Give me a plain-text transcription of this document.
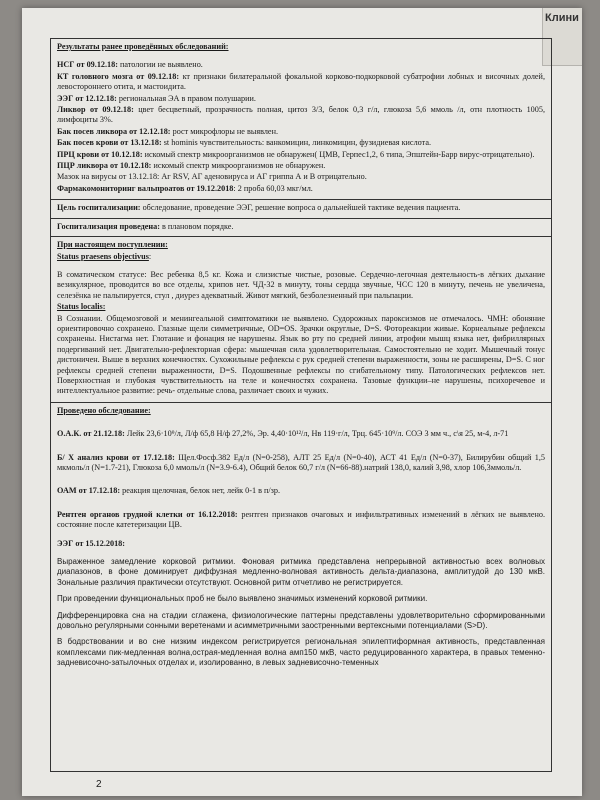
Клини
Результаты ранее проведённых обследований:
НСГ от 09.12.18: патологии не выявлено.
КТ головного мозга от 09.12.18: кт признаки билатеральной фокальной корково-подкорковой субатрофии лобных и височных долей, левостороннего отита, и мастоидита.
ЭЭГ от 12.12.18: региональная ЭА в правом полушарии.
Ликвор от 09.12.18: цвет бесцветный, прозрачность полная, цитоз 3/3, белок 0,3 г/л, глюкоза 5,6 ммоль /л, отн плотность 1005, лимфоциты 3%.
Бак посев ликвора от 12.12.18: рост микрофлоры не выявлен.
Бак посев крови от 13.12.18: st hominis чувствительность: ванкомицин, линкомицин, фузидиевая кислота.
ПРЦ крови от 10.12.18: искомый спектр микроорганизмов не обнаружен( ЦМВ, Герпес1,2, 6 типа, Эпштейн-Барр вирус-отрицательно).
ПЦР ликвора от 10.12.18: искомый спектр микроорганизмов не обнаружен.
Мазок на вирусы от 13.12.18: Аг RSV, АГ аденовируса и АГ гриппа А и В отрицательно.
Фармакомониторинг вальпроатов от 19.12.2018: 2 проба 60,03 мкг/мл.
Цель госпитализации: обследование, проведение ЭЭГ, решение вопроса о дальнейшей тактике ведения пациента.
Госпитализация проведена: в плановом порядке.
При настоящем поступлении:
Status praesens objectivus:
В соматическом статусе: Вес ребенка 8,5 кг. Кожа и слизистые чистые, розовые. Сердечно-легочная деятельность-в лёгких дыхание везикулярное, проводится во все отделы, хрипов нет. ЧД-32 в минуту, тоны сердца звучные, ЧСС 120 в минуту, печень не увеличена, селезёнка не пальпируется, стул , диурез адекватный. Живот мягкий, безболезненный при пальпации.
Status localis:
В Сознании. Общемозговой и менингеальной симптоматики не выявлено. Судорожных пароксизмов не отмечалось. ЧМН: обоняние ориентировочно сохранено. Глазные щели симметричные, OD=OS. Зрачки округлые, D=S. Фотореакции живые. Корнеальные рефлексы сохранены. Нистагма нет. Глотание и фонация не нарушены. Язык во рту по средней линии, атрофии мышц языка нет, фибриллярных подергиваний нет. Двигательно-рефлекторная сфера: мышечная сила удовлетворительная. Самостоятельно не ходит. Мышечный тонус дистоничен. Выше в верхних конечностях. Сухожильные рефлексы с рук средней степени выраженности, зоны не расширены, D=S. С ног рефлексы средней степени выраженности, D=S. Подошвенные рефлексы по сгибательному типу. Патологических рефлексов нет. Поверхностная и глубокая чувствительность на теле и конечностях сохранена. Тазовые функции–не нарушены, психоречевое и интеллектуальное развитие: речь- отдельные слова, различает своих и чужих.
Проведено обследование:
О.А.К. от 21.12.18: Лейк 23,6·10⁹/л, Л/ф 65,8 Н/ф 27,2%, Эр. 4,40·10¹²/л, Нв 119·г/л, Трц. 645·10⁹/л. СОЭ 3 мм ч., с\я 25, м-4, л-71
Б/ Х анализ крови от 17.12.18: Щел.Фосф.382 Ед/л (N=0-258), АЛТ 25 Ед/л (N=0-40), АСТ 41 Ед/л (N=0-37), Билирубин общий 1,5 мкмоль/л (N=1.7-21), Глюкоза 6,0 ммоль/л (N=3.9-6.4), Общий белок 60,7 г/л (N=66-88).натрий 138,0, калий 3,98, хлор 106,3ммоль/л.
ОАМ от 17.12.18: реакция щелочная, белок нет, лейк 0-1 в п/зр.
Рентген органов грудной клетки от 16.12.2018: рентген признаков очаговых и инфильтративных изменений в лёгких не выявлено. состояние после катетеризации ЦВ.
ЭЭГ от 15.12.2018:
Выраженное замедление корковой ритмики. Фоновая ритмика представлена непрерывной активностью всех волновых диапазонов, в фоне доминирует диффузная медленно-волновая активность дельта-диапазона, амплитудой до 130 мкВ. Зональные различия практически отсутствуют. Основной ритм отчетливо не регистрируется.
При проведении функциональных проб не было выявлено значимых изменений корковой ритмики.
Дифференцировка сна на стадии сглажена, физиологические паттерны представлены удовлетворительно сформированными довольно регулярными сонными веретенами и асимметричными заостренными вертексными потенциалами (S>D).
В бодрствовании и во сне низким индексом регистрируется региональная эпилептиформная активность, представленная комплексами пик-медленная волна,острая-медленная волна амп150 мкВ, часто редуцированного характера, в правых теменно-задневисочно-затылочных отделах и, изолированно, в левых задневисочно-теменных
2
